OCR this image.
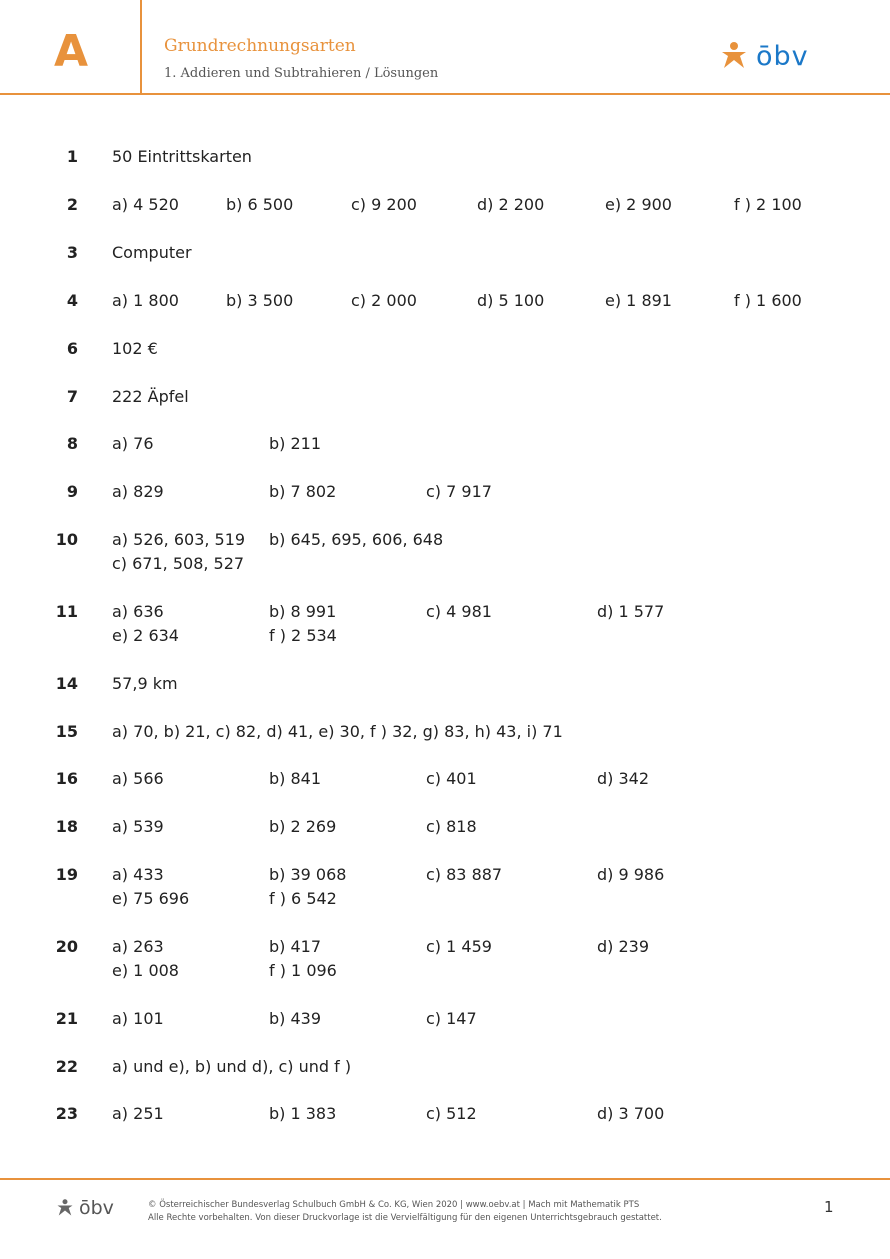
A	Grundrechnungsarten
1. Addieren und Subtrahieren / Lösungen
ōbv
1 50 Eintrittskarten
2 a) 4 520	b) 6 500	c) 9 200	d) 2 200	e) 2 900	f ) 2 100
3 Computer
4 a) 1 800	b) 3 500	c) 2 000	d) 5 100	e) 1 891	f ) 1 600
6 102 €
7 222 Äpfel
8 a) 76	b) 211
9 a) 829	b) 7 802	c) 7 917
10 a) 526, 603, 519 b) 645, 695, 606, 648
c) 671, 508, 527
11 a) 636	b) 8 991	c) 4 981	d) 1 577
e) 2 634	f ) 2 534
14 57,9 km
15 a) 70, b) 21, c) 82, d) 41, e) 30, f ) 32, g) 83, h) 43, i) 71
16 a) 566	b) 841	c) 401	d) 342
18 a) 539	b) 2 269	c) 818
19 a) 433	b) 39 068	c) 83 887	d) 9 986
e) 75 696	f ) 6 542
20 a) 263	b) 417	c) 1 459	d) 239
e) 1 008	f ) 1 096
21 a) 101	b) 439	c) 147
22 a) und e), b) und d), c) und f )
23 a) 251	b) 1 383	c) 512	d) 3 700
ōbv	© Österreichischer Bundesverlag Schulbuch GmbH & Co. KG, Wien 2020 | www.oebv.at | Mach mit Mathematik PTS
Alle Rechte vorbehalten. Von dieser Druckvorlage ist die Vervielfältigung für den eigenen Unterrichtsgebrauch gestattet.
1
